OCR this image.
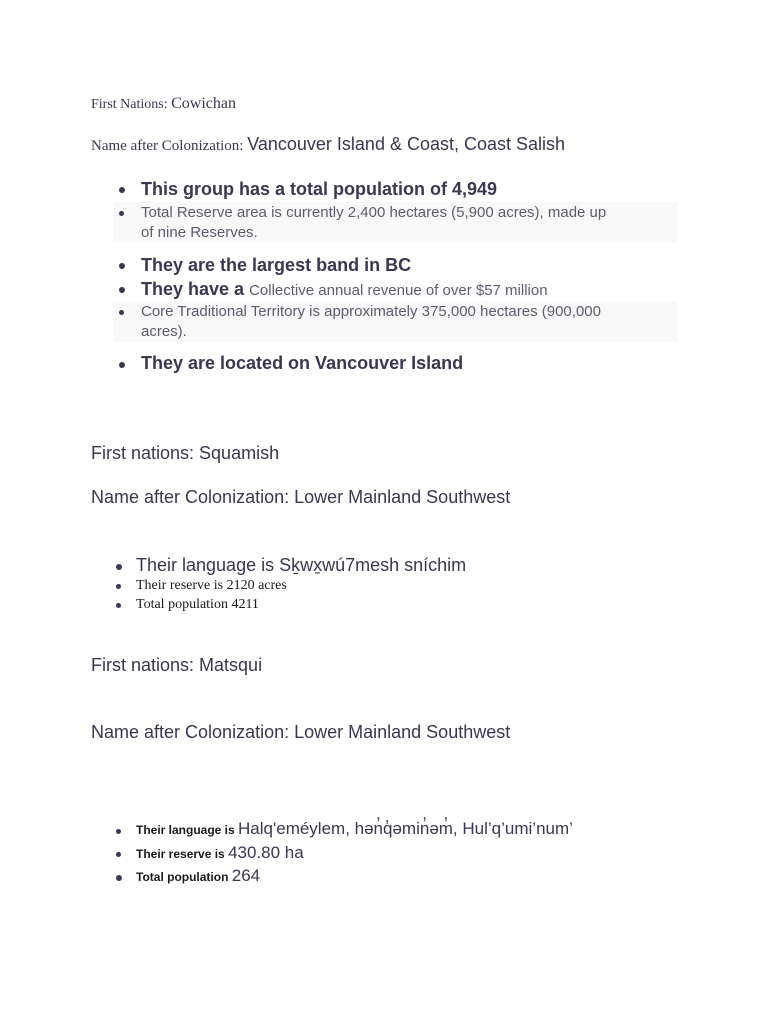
First Nations: Cowichan
Name after Colonization: Vancouver Island & Coast, Coast Salish
This group has a total population of 4,949
Total Reserve area is currently 2,400 hectares (5,900 acres), made up
of nine Reserves.
They are the largest band in BC
They have a Collective annual revenue of over $57 million
Core Traditional Territory is approximately 375,000 hectares (900,000
acres).
They are located on Vancouver Island
First nations: Squamish
Name after Colonization: Lower Mainland Southwest
Their language is Sḵwx̱wú7mesh sníchim
Their reserve is 2120 acres
Total population 4211
First nations: Matsqui
Name after Colonization: Lower Mainland Southwest
Their language is Halq'eméylem, hən̓q̓əmin̓əm̓, Hul’q’umi’num’
Their reserve is 430.80 ha
Total population 264
